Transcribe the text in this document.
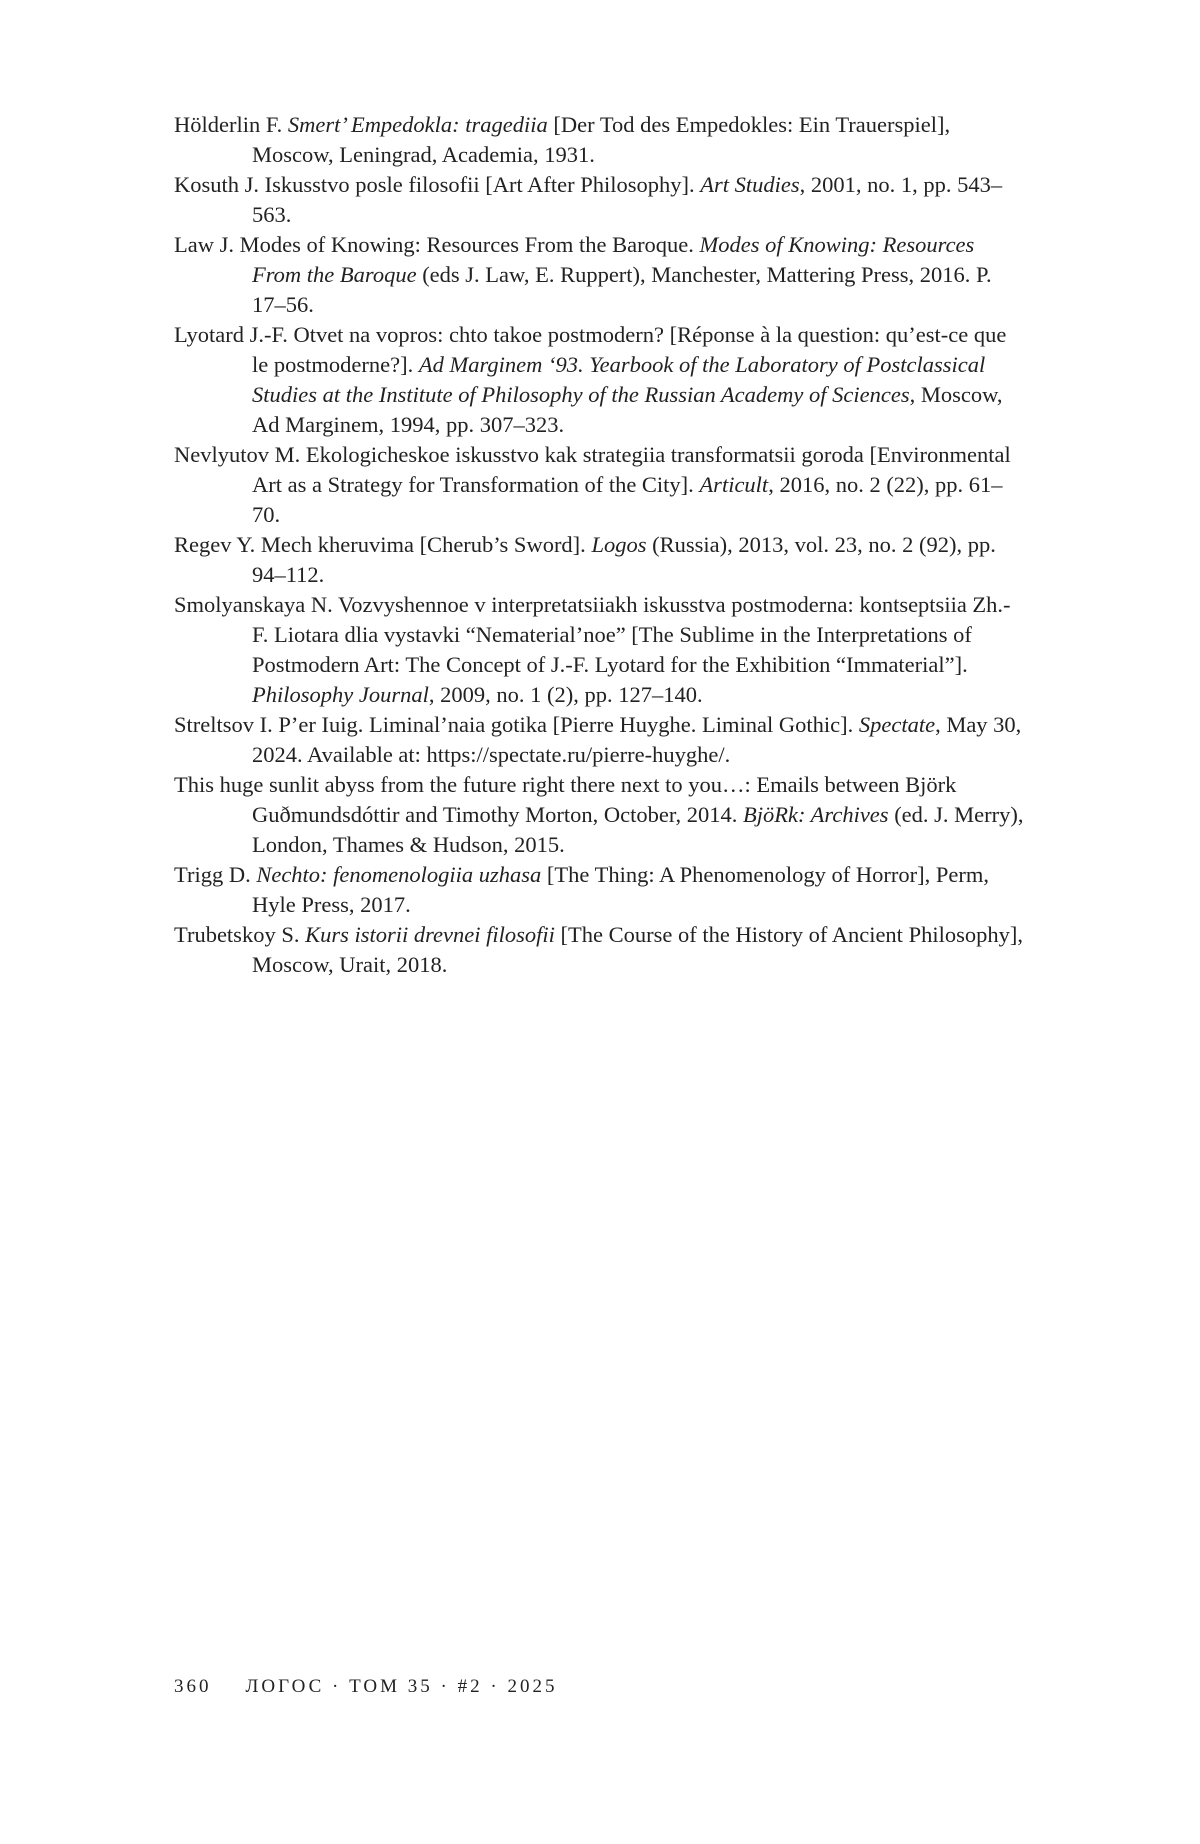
Hölderlin F. Smert’ Empedokla: tragediia [Der Tod des Empedokles: Ein Trauerspiel], Moscow, Leningrad, Academia, 1931.
Kosuth J. Iskusstvo posle filosofii [Art After Philosophy]. Art Studies, 2001, no. 1, pp. 543–563.
Law J. Modes of Knowing: Resources From the Baroque. Modes of Knowing: Resources From the Baroque (eds J. Law, E. Ruppert), Manchester, Mattering Press, 2016. P. 17–56.
Lyotard J.-F. Otvet na vopros: chto takoe postmodern? [Réponse à la question: qu’est-ce que le postmoderne?]. Ad Marginem ‘93. Yearbook of the Laboratory of Postclassical Studies at the Institute of Philosophy of the Russian Academy of Sciences, Moscow, Ad Marginem, 1994, pp. 307–323.
Nevlyutov M. Ekologicheskoe iskusstvo kak strategiia transformatsii goroda [Environmental Art as a Strategy for Transformation of the City]. Articult, 2016, no. 2 (22), pp. 61–70.
Regev Y. Mech kheruvima [Cherub’s Sword]. Logos (Russia), 2013, vol. 23, no. 2 (92), pp. 94–112.
Smolyanskaya N. Vozvyshennoe v interpretatsiiakh iskusstva postmoderna: kontseptsiia Zh.-F. Liotara dlia vystavki “Nematerial’noe” [The Sublime in the Interpretations of Postmodern Art: The Concept of J.-F. Lyotard for the Exhibition “Immaterial”]. Philosophy Journal, 2009, no. 1 (2), pp. 127–140.
Streltsov I. P’er Iuig. Liminal’naia gotika [Pierre Huyghe. Liminal Gothic]. Spectate, May 30, 2024. Available at: https://spectate.ru/pierre-huyghe/.
This huge sunlit abyss from the future right there next to you…: Emails between Björk Guðmundsdóttir and Timothy Morton, October, 2014. BjöRk: Archives (ed. J. Merry), London, Thames & Hudson, 2015.
Trigg D. Nechto: fenomenologiia uzhasa [The Thing: A Phenomenology of Horror], Perm, Hyle Press, 2017.
Trubetskoy S. Kurs istorii drevnei filosofii [The Course of the History of Ancient Philosophy], Moscow, Urait, 2018.
360 ЛОГОС · ТОМ 35 · #2 · 2025
